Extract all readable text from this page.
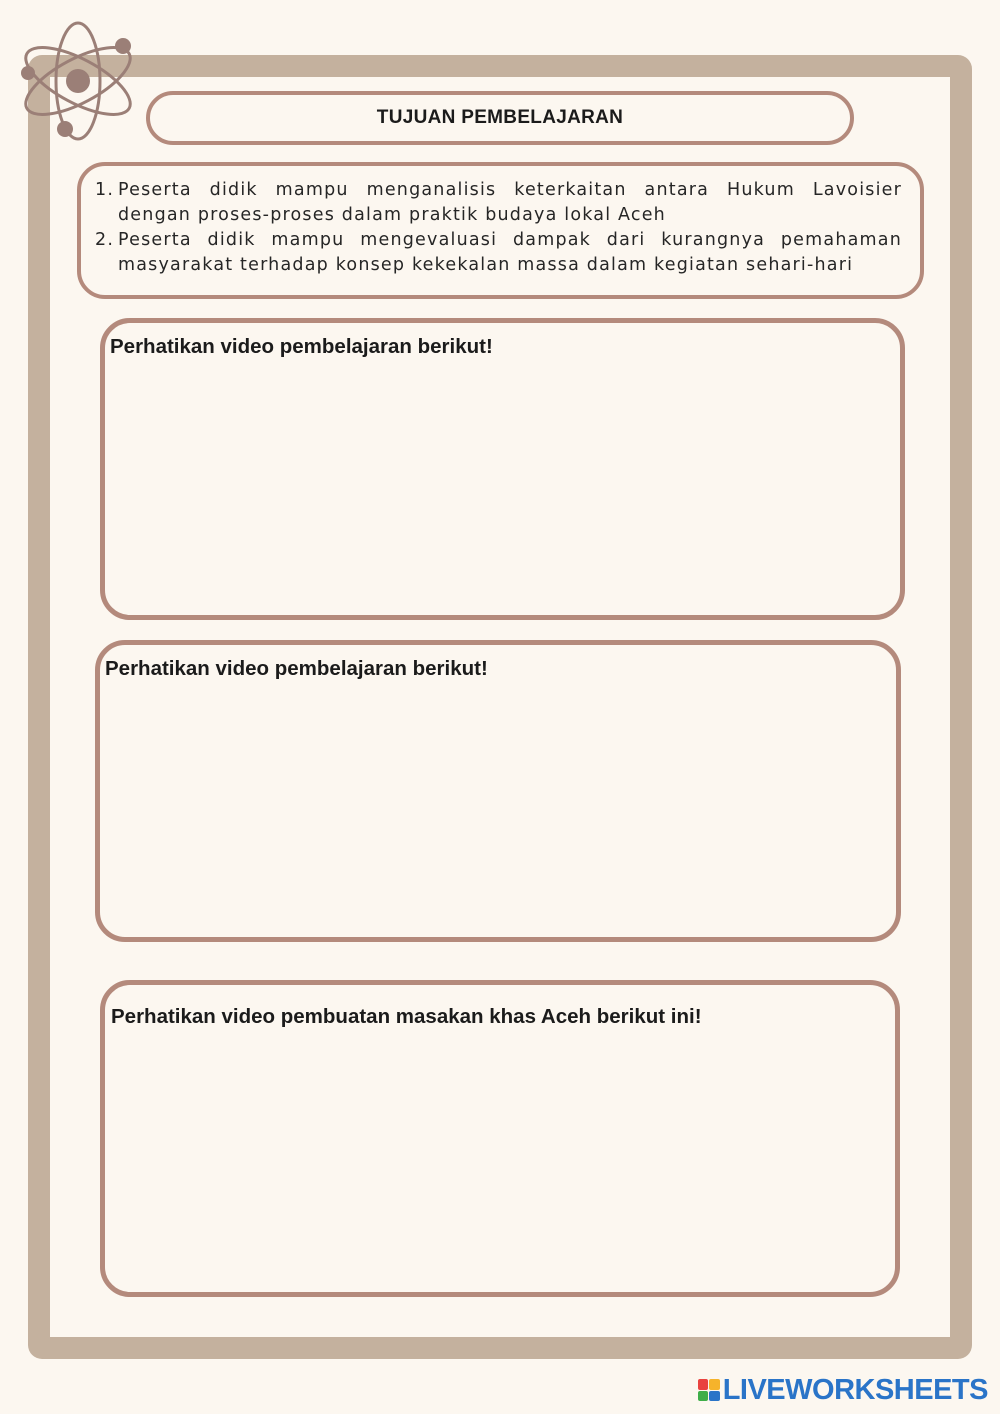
TUJUAN PEMBELAJARAN
1. Peserta didik mampu menganalisis keterkaitan antara Hukum Lavoisier dengan proses-proses dalam praktik budaya lokal Aceh
2. Peserta didik mampu mengevaluasi dampak dari kurangnya pemahaman masyarakat terhadap konsep kekekalan massa dalam kegiatan sehari-hari
Perhatikan video pembelajaran berikut!
Perhatikan video pembelajaran berikut!
Perhatikan video pembuatan masakan khas Aceh berikut ini!
LIVEWORKSHEETS
